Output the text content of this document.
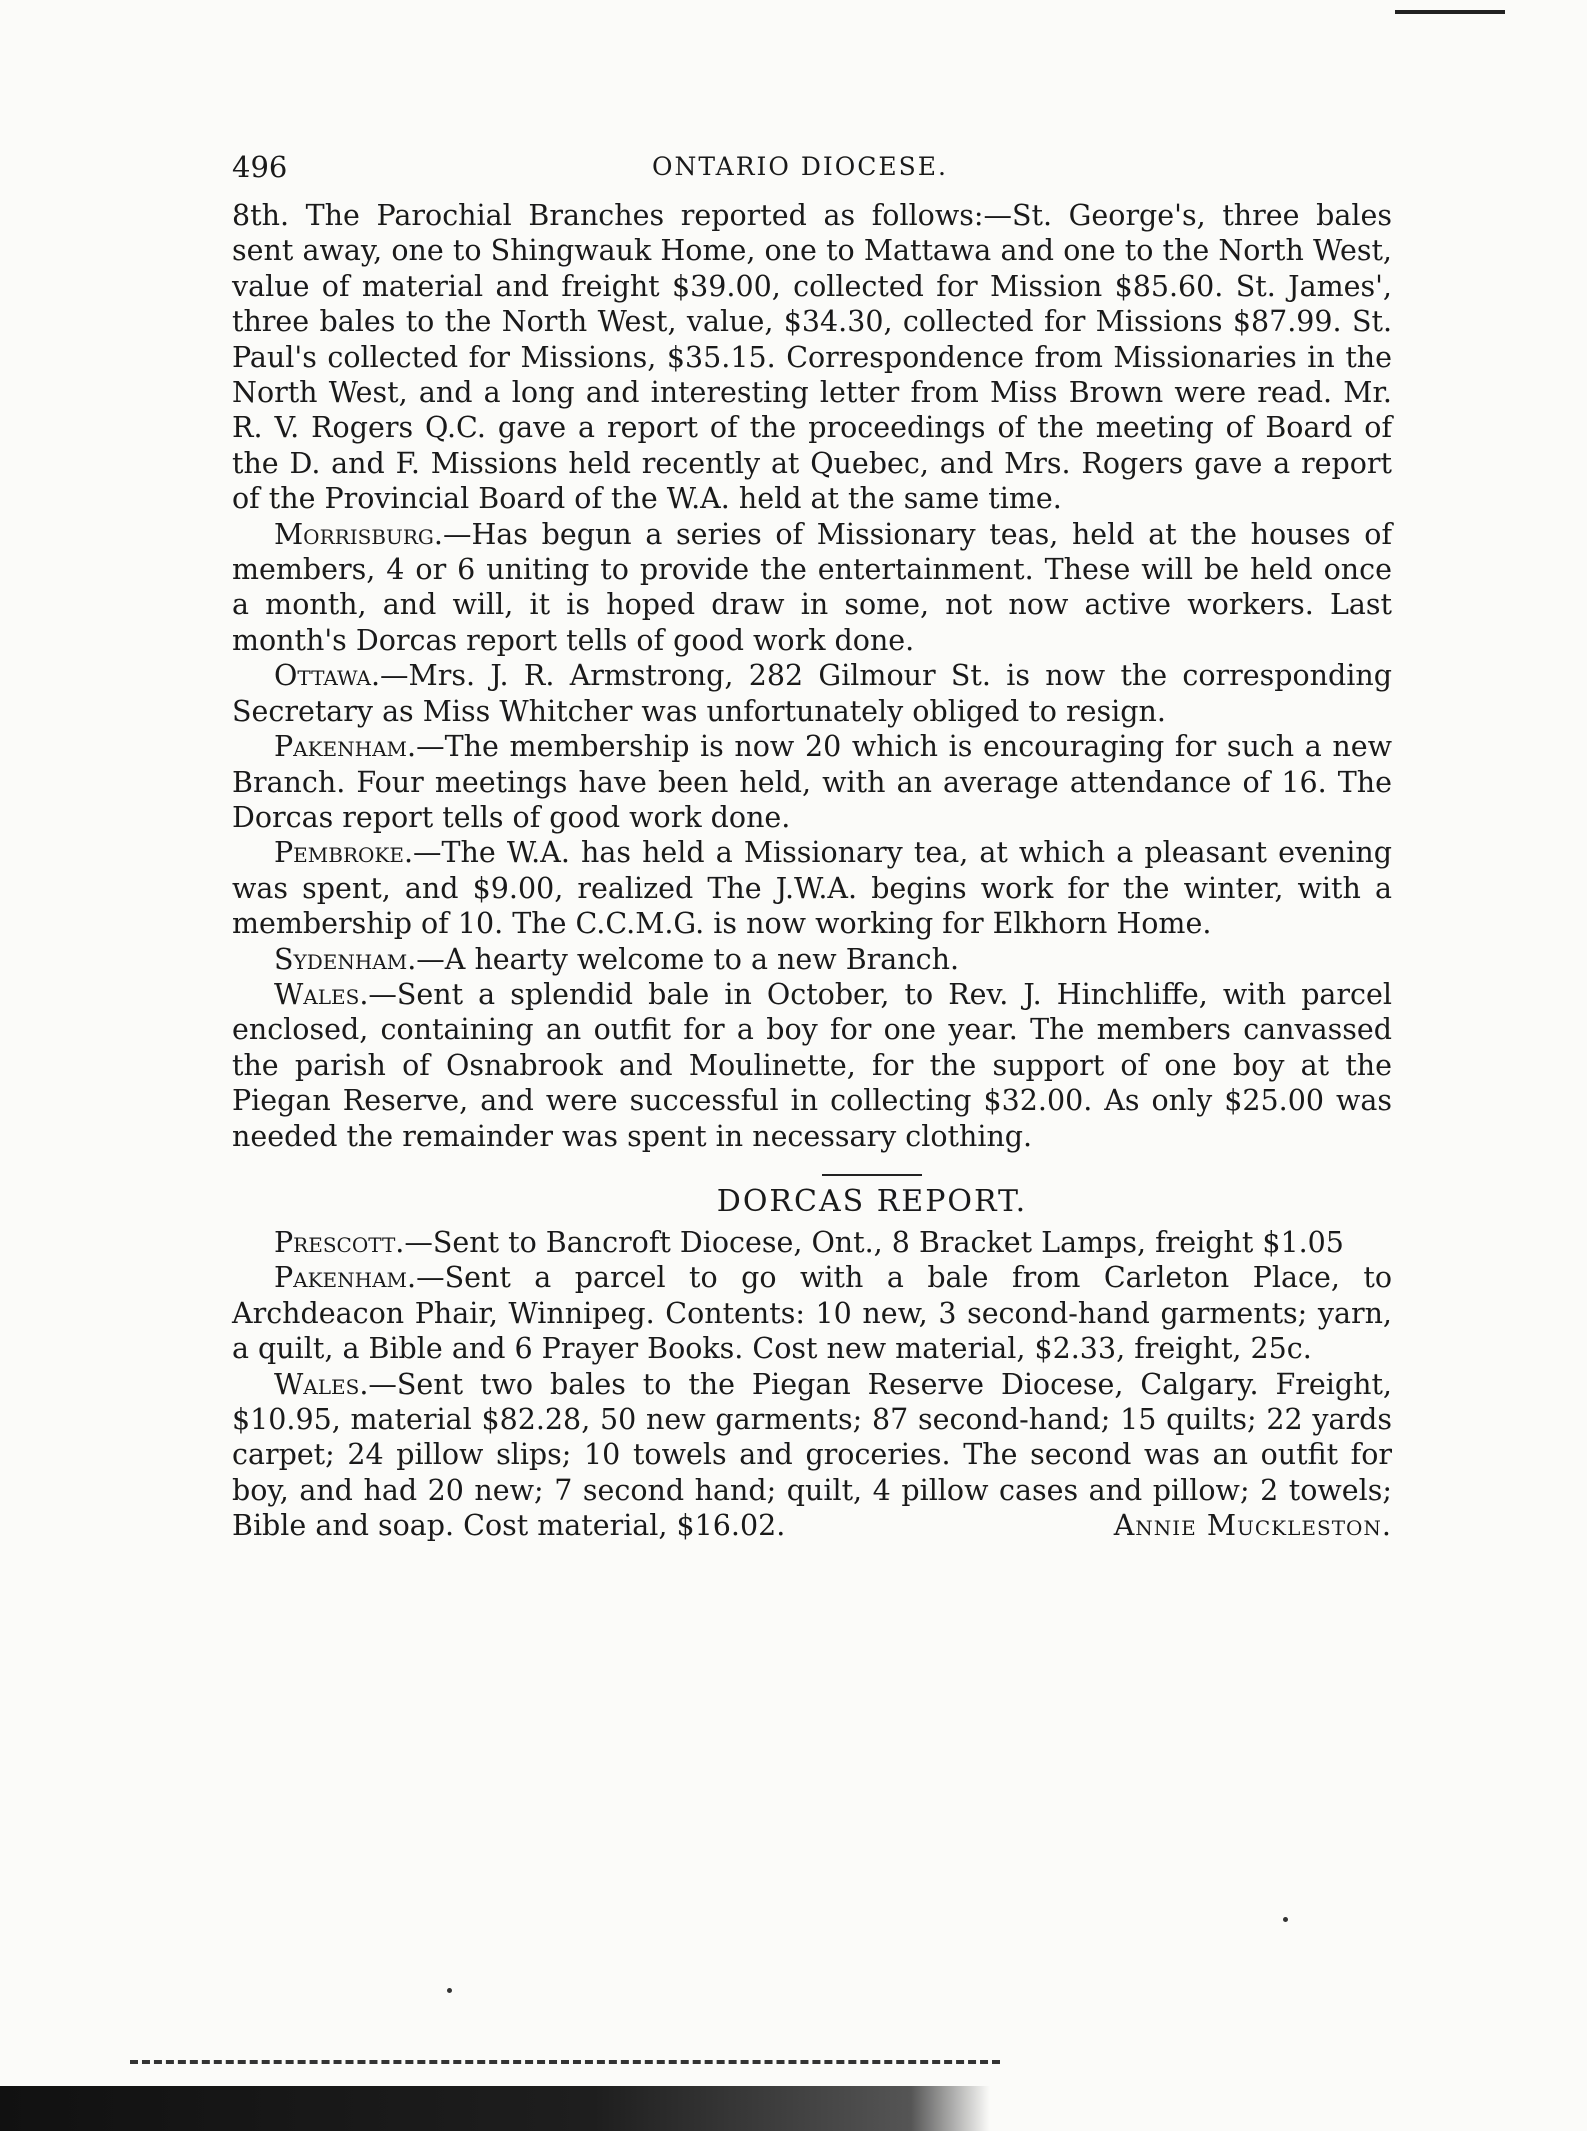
496	ONTARIO DIOCESE.

8th. The Parochial Branches reported as follows:—St. George's, three bales sent away, one to Shingwauk Home, one to Mattawa and one to the North West, value of material and freight $39.00, collected for Mission $85.60. St. James', three bales to the North West, value, $34.30, collected for Missions $87.99. St. Paul's collected for Missions, $35.15. Correspondence from Missionaries in the North West, and a long and interesting letter from Miss Brown were read. Mr. R. V. Rogers Q.C. gave a report of the proceedings of the meeting of Board of the D. and F. Missions held recently at Quebec, and Mrs. Rogers gave a report of the Provincial Board of the W.A. held at the same time.

Morrisburg.—Has begun a series of Missionary teas, held at the houses of members, 4 or 6 uniting to provide the entertainment. These will be held once a month, and will, it is hoped draw in some, not now active workers. Last month's Dorcas report tells of good work done.

Ottawa.—Mrs. J. R. Armstrong, 282 Gilmour St. is now the corresponding Secretary as Miss Whitcher was unfortunately obliged to resign.

Pakenham.—The membership is now 20 which is encouraging for such a new Branch. Four meetings have been held, with an average attendance of 16. The Dorcas report tells of good work done.

Pembroke.—The W.A. has held a Missionary tea, at which a pleasant evening was spent, and $9.00, realized The J.W.A. begins work for the winter, with a membership of 10. The C.C.M.G. is now working for Elkhorn Home.

Sydenham.—A hearty welcome to a new Branch.

Wales.—Sent a splendid bale in October, to Rev. J. Hinchliffe, with parcel enclosed, containing an outfit for a boy for one year. The members canvassed the parish of Osnabrook and Moulinette, for the support of one boy at the Piegan Reserve, and were successful in collecting $32.00. As only $25.00 was needed the remainder was spent in necessary clothing.

DORCAS REPORT.

Prescott.—Sent to Bancroft Diocese, Ont., 8 Bracket Lamps, freight $1.05

Pakenham.—Sent a parcel to go with a bale from Carleton Place, to Archdeacon Phair, Winnipeg. Contents: 10 new, 3 second-hand garments; yarn, a quilt, a Bible and 6 Prayer Books. Cost new material, $2.33, freight, 25c.

Wales.—Sent two bales to the Piegan Reserve Diocese, Calgary. Freight, $10.95, material $82.28, 50 new garments; 87 second-hand; 15 quilts; 22 yards carpet; 24 pillow slips; 10 towels and groceries. The second was an outfit for boy, and had 20 new; 7 second hand; quilt, 4 pillow cases and pillow; 2 towels; Bible and soap. Cost material, $16.02.	Annie Muckleston.
